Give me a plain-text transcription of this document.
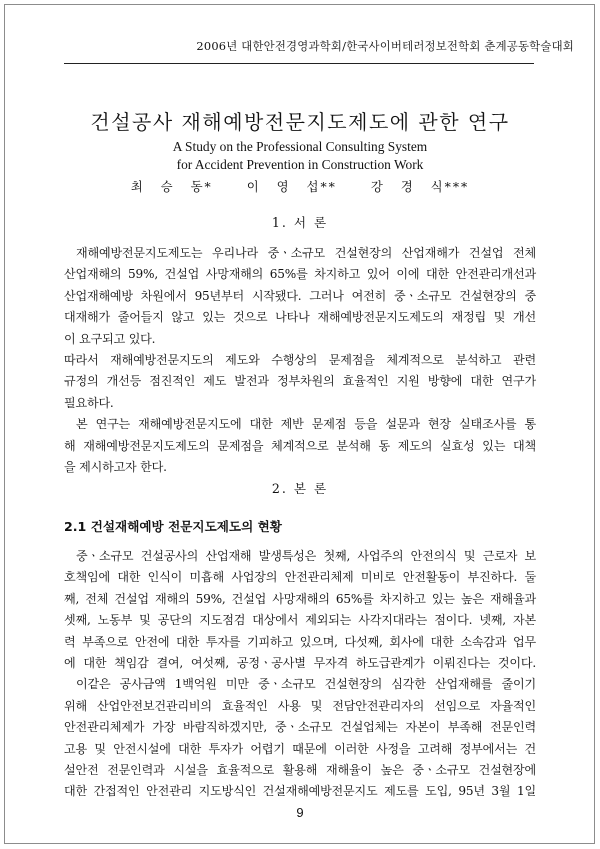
2006년 대한안전경영과학회/한국사이버테러정보전학회 춘계공동학술대회
건설공사 재해예방전문지도제도에 관한 연구
A Study on the Professional Consulting System
for Accident Prevention in Construction Work
최 승 동*	이 영 섭**	강 경 식***
1. 서 론
재해예방전문지도제도는 우리나라 중ㆍ소규모 건설현장의 산업재해가 건설업 전체
산업재해의 59%, 건설업 사망재해의 65%를 차지하고 있어 이에 대한 안전관리개선과
산업재해예방 차원에서 95년부터 시작됐다. 그러나 여전히 중ㆍ소규모 건설현장의 중
대재해가 줄어들지 않고 있는 것으로 나타나 재해예방전문지도제도의 재정립 및 개선
이 요구되고 있다.
따라서 재해예방전문지도의 제도와 수행상의 문제점을 체계적으로 분석하고 관련
규정의 개선등 점진적인 제도 발전과 정부차원의 효율적인 지원 방향에 대한 연구가
필요하다.
본 연구는 재해예방전문지도에 대한 제반 문제점 등을 설문과 현장 실태조사를 통
해 재해예방전문지도제도의 문제점을 체계적으로 분석해 동 제도의 실효성 있는 대책
을 제시하고자 한다.
2. 본 론
2.1 건설재해예방 전문지도제도의 현황
중ㆍ소규모 건설공사의 산업재해 발생특성은 첫째, 사업주의 안전의식 및 근로자 보
호책임에 대한 인식이 미흡해 사업장의 안전관리체제 미비로 안전활동이 부진하다. 둘
째, 전체 건설업 재해의 59%, 건설업 사망재해의 65%를 차지하고 있는 높은 재해율과
셋째, 노동부 및 공단의 지도점검 대상에서 제외되는 사각지대라는 점이다. 넷째, 자본
력 부족으로 안전에 대한 투자를 기피하고 있으며, 다섯째, 회사에 대한 소속감과 업무
에 대한 책임감 결여, 여섯째, 공정ㆍ공사별 무자격 하도급관계가 이뤄진다는 것이다.
이같은 공사금액 1백억원 미만 중ㆍ소규모 건설현장의 심각한 산업재해를 줄이기
위해 산업안전보건관리비의 효율적인 사용 및 전담안전관리자의 선임으로 자율적인
안전관리체제가 가장 바람직하겠지만, 중ㆍ소규모 건설업체는 자본이 부족해 전문인력
고용 및 안전시설에 대한 투자가 어렵기 때문에 이러한 사정을 고려해 정부에서는 건
설안전 전문인력과 시설을 효율적으로 활용해 재해율이 높은 중ㆍ소규모 건설현장에
대한 간접적인 안전관리 지도방식인 건설재해예방전문지도 제도를 도입, 95년 3월 1일
9
